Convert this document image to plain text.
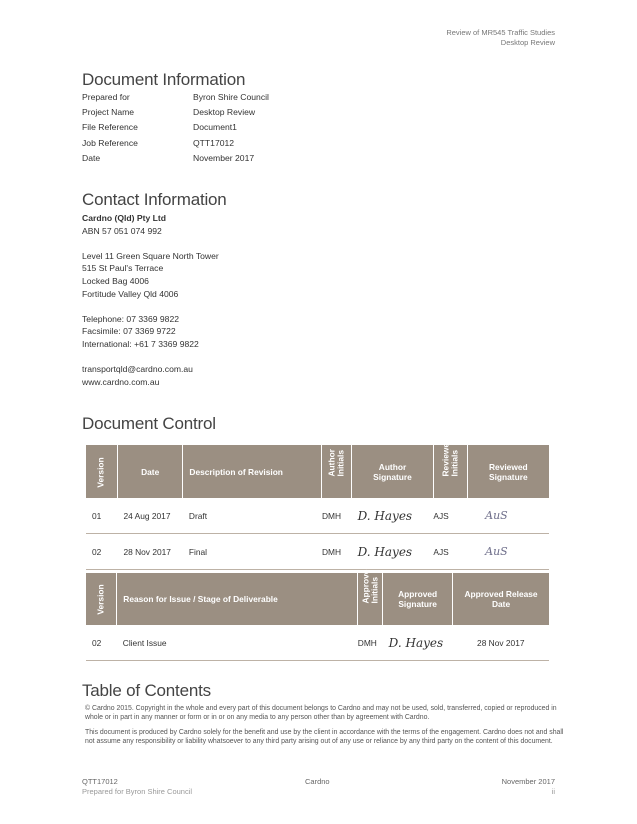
Review of MR545 Traffic Studies
Desktop Review
Document Information
Prepared for	Byron Shire Council
Project Name	Desktop Review
File Reference	Document1
Job Reference	QTT17012
Date	November 2017
Contact Information
Cardno (Qld) Pty Ltd
ABN 57 051 074 992
Level 11 Green Square North Tower
515 St Paul's Terrace
Locked Bag 4006
Fortitude Valley Qld 4006
Telephone: 07 3369 9822
Facsimile: 07 3369 9722
International: +61 7 3369 9822
transportqld@cardno.com.au
www.cardno.com.au
Document Control
Version	Date	Description of Revision	Author Initials	Author Signature	Reviewer Initials	Reviewed Signature
01	24 Aug 2017	Draft	DMH	D. Hayes	AJS	AuS
02	28 Nov 2017	Final	DMH	D. Hayes	AJS	AuS
Version	Reason for Issue / Stage of Deliverable	Approver Initials	Approved Signature	Approved Release Date
02	Client Issue	DMH	D. Hayes	28 Nov 2017
Table of Contents
© Cardno 2015. Copyright in the whole and every part of this document belongs to Cardno and may not be used, sold, transferred, copied or reproduced in whole or in part in any manner or form or in or on any media to any person other than by agreement with Cardno.
This document is produced by Cardno solely for the benefit and use by the client in accordance with the terms of the engagement. Cardno does not and shall not assume any responsibility or liability whatsoever to any third party arising out of any use or reliance by any third party on the content of this document.
QTT17012
Prepared for Byron Shire Council
Cardno	November 2017
ii
